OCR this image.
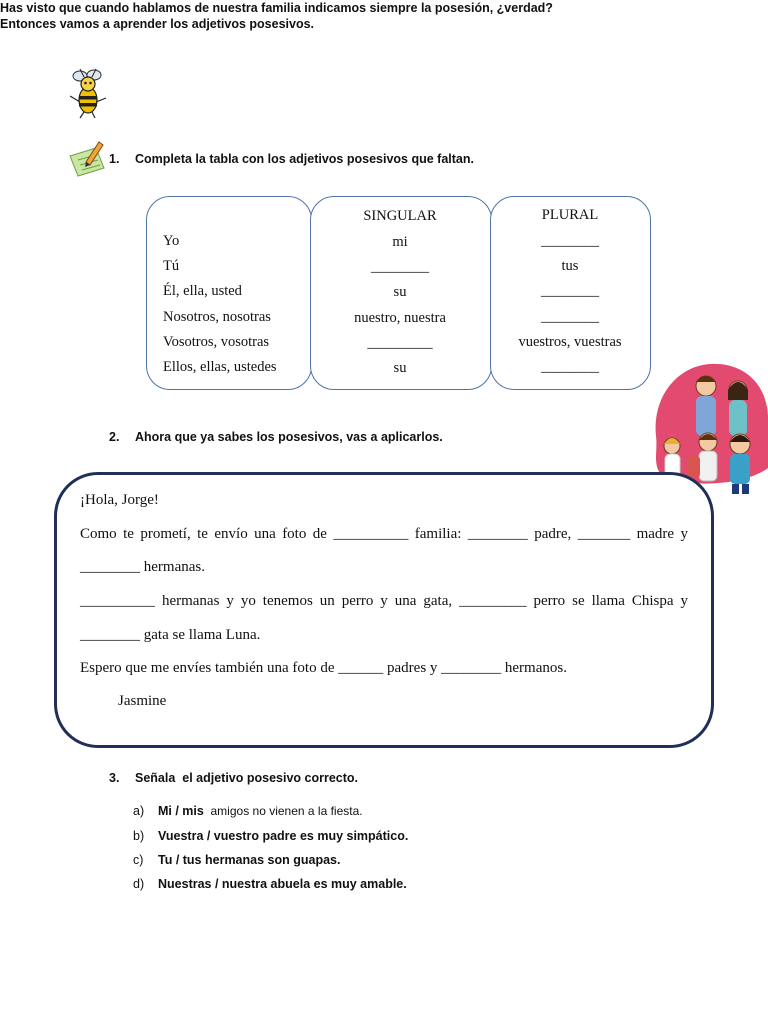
Has visto que cuando hablamos de nuestra familia indicamos siempre la posesión, ¿verdad?
Entonces vamos a aprender los adjetivos posesivos.
1. Completa la tabla con los adjetivos posesivos que faltan.
SINGULAR	PLURAL
Yo
Tú
Él, ella, usted
Nosotros, nosotras
Vosotros, vosotras
Ellos, ellas, ustedes
mi
________
su
nuestro, nuestra
_________
su
________
tus
________
________
vuestros, vuestras
________
2. Ahora que ya sabes los posesivos, vas a aplicarlos.
¡Hola, Jorge!
Como te prometí, te envío una foto de __________ familia: ________ padre, _______ madre y
________ hermanas.
__________ hermanas y yo tenemos un perro y una gata, _________ perro se llama Chispa y
________ gata se llama Luna.
Espero que me envíes también una foto de ______ padres y ________ hermanos.
Jasmine
3. Señala  el adjetivo posesivo correcto.
a) Mi / mis  amigos no vienen a la fiesta.
b) Vuestra / vuestro padre es muy simpático.
c) Tu / tus hermanas son guapas.
d) Nuestras / nuestra abuela es muy amable.
